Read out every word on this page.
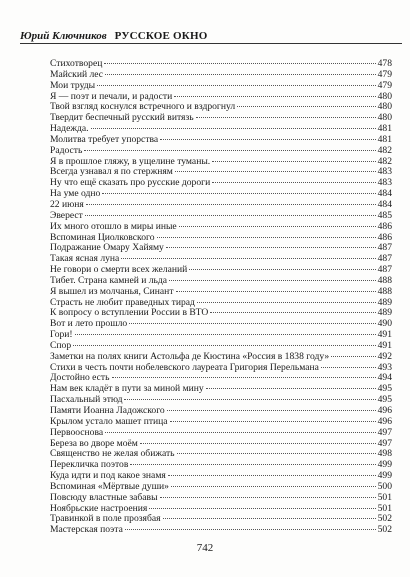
Юрий Ключников РУССКОЕ ОКНО
Стихотворец	478
Майский лес	479
Мои труды	479
Я — поэт и печали, и радости	480
Твой взгляд коснулся встречного и вздрогнул	480
Твердит беспечный русский витязь	480
Надежда.	481
Молитва требует упорства	481
Радость	482
Я в прошлое гляжу, в ущелине туманы.	482
Всегда узнавал я по стержням	483
Ну что ещё сказать про русские дороги	483
На уме одно	484
22 июня	484
Эверест	485
Их много отошло в миры иные	486
Вспоминая Циолковского	486
Подражание Омару Хайяму	487
Такая ясная луна	487
Не говори о смерти всех желаний	487
Тибет. Страна камней и льда	488
Я вышел из молчанья, Синант	488
Страсть не любит праведных тирад	489
К вопросу о вступлении России в ВТО	489
Вот и лето прошло	490
Гори!	491
Спор	491
Заметки на полях книги Астольфа де Кюстина «Россия в 1838 году»	492
Стихи в честь почти нобелевского лауреата Григория Перельмана	493
Достойно есть	494
Нам век кладёт в пути за миной мину	495
Пасхальный этюд	495
Памяти Иоанна Ладожского	496
Крылом устало машет птица	496
Первооснова	497
Береза во дворе моём	497
Священство не желая обижать	498
Перекличка поэтов	499
Куда идти и под какое знамя	499
Вспоминая «Мёртвые души»	500
Повсюду властные забавы	501
Ноябрьские настроения	501
Травинкой в поле прозябая	502
Мастерская поэта	502
742
